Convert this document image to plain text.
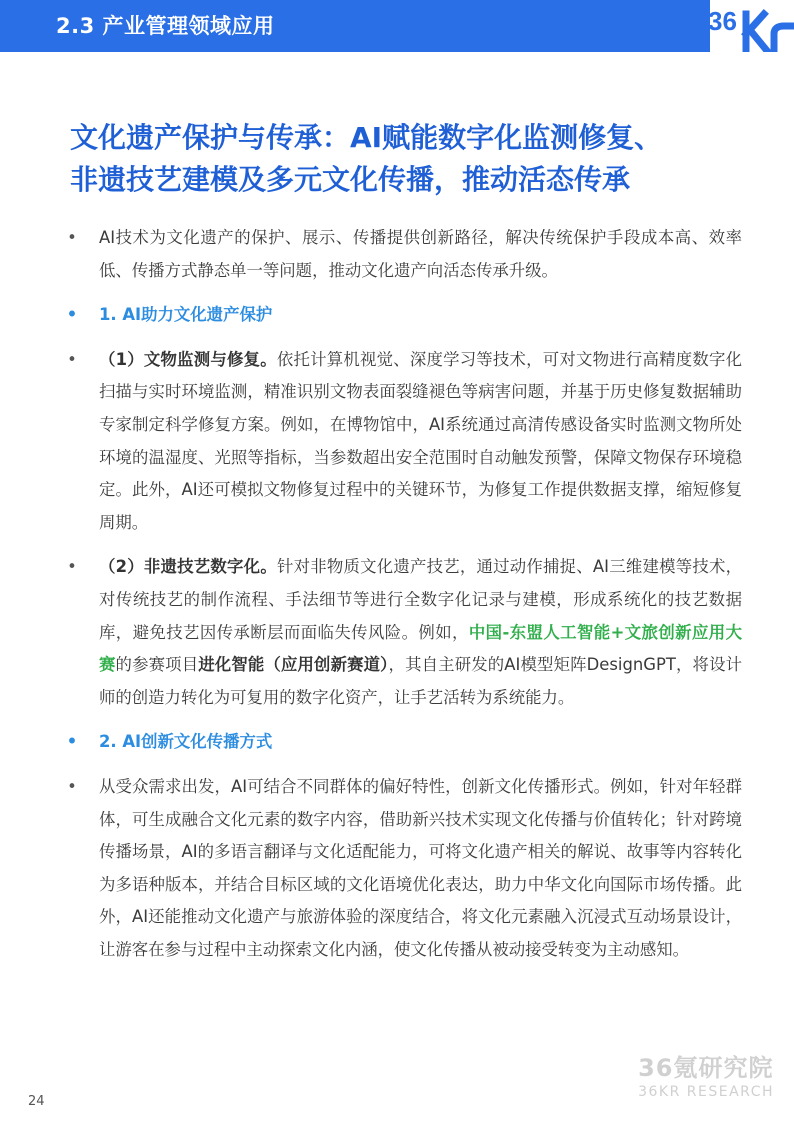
2.3 产业管理领域应用	36
文化遗产保护与传承：AI赋能数字化监测修复、
非遗技艺建模及多元文化传播，推动活态传承
• AI技术为文化遗产的保护、展示、传播提供创新路径，解决传统保护手段成本高、效率低、传播方式静态单一等问题，推动文化遗产向活态传承升级。
• 1. AI助力文化遗产保护
• （1）文物监测与修复。依托计算机视觉、深度学习等技术，可对文物进行高精度数字化扫描与实时环境监测，精准识别文物表面裂缝褪色等病害问题，并基于历史修复数据辅助专家制定科学修复方案。例如，在博物馆中，AI系统通过高清传感设备实时监测文物所处环境的温湿度、光照等指标，当参数超出安全范围时自动触发预警，保障文物保存环境稳定。此外，AI还可模拟文物修复过程中的关键环节，为修复工作提供数据支撑，缩短修复周期。
• （2）非遗技艺数字化。针对非物质文化遗产技艺，通过动作捕捉、AI三维建模等技术，对传统技艺的制作流程、手法细节等进行全数字化记录与建模，形成系统化的技艺数据库，避免技艺因传承断层而面临失传风险。例如，中国-东盟人工智能+文旅创新应用大赛的参赛项目进化智能（应用创新赛道），其自主研发的AI模型矩阵DesignGPT，将设计师的创造力转化为可复用的数字化资产，让手艺活转为系统能力。
• 2. AI创新文化传播方式
• 从受众需求出发，AI可结合不同群体的偏好特性，创新文化传播形式。例如，针对年轻群体，可生成融合文化元素的数字内容，借助新兴技术实现文化传播与价值转化；针对跨境传播场景，AI的多语言翻译与文化适配能力，可将文化遗产相关的解说、故事等内容转化为多语种版本，并结合目标区域的文化语境优化表达，助力中华文化向国际市场传播。此外，AI还能推动文化遗产与旅游体验的深度结合，将文化元素融入沉浸式互动场景设计，让游客在参与过程中主动探索文化内涵，使文化传播从被动接受转变为主动感知。
24
36氪研究院
36KR RESEARCH
